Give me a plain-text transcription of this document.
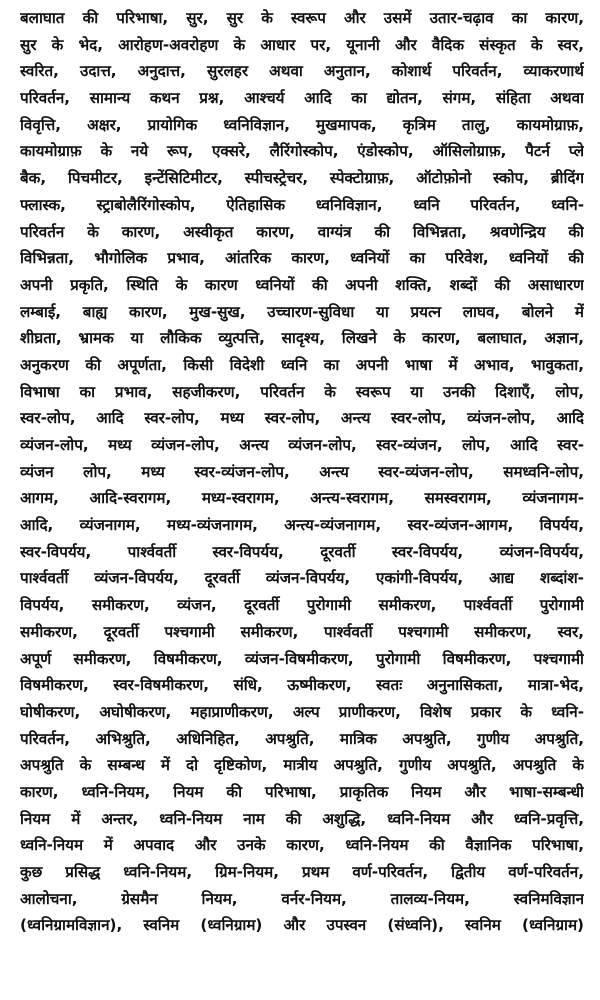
बलाघात की परिभाषा, सुर, सुर के स्वरूप और उसमें उतार-चढ़ाव का कारण,
सुर के भेद, आरोहण-अवरोहण के आधार पर, यूनानी और वैदिक संस्कृत के स्वर,
स्वरित, उदात्त, अनुदात्त, सुरलहर अथवा अनुतान, कोशार्थ परिवर्तन, व्याकरणार्थ
परिवर्तन, सामान्य कथन प्रश्न, आश्चर्य आदि का द्योतन, संगम, संहिता अथवा
विवृत्ति, अक्षर, प्रायोगिक ध्वनिविज्ञान, मुखमापक, कृत्रिम तालु, कायमोग्राफ़,
कायमोग्राफ़ के नये रूप, एक्सरे, लैरिंगोस्कोप, एंडोस्कोप, ऑसिलोग्राफ़, पैटर्न प्ले
बैक, पिचमीटर, इन्टेंसिटिमीटर, स्पीचस्ट्रेचर, स्पेक्टोग्राफ़, ऑटोफ़ोनो स्कोप, ब्रीदिंग
फ्लास्क, स्ट्राबोलैरिंगोस्कोप, ऐतिहासिक ध्वनिविज्ञान, ध्वनि परिवर्तन, ध्वनि-
परिवर्तन के कारण, अस्वीकृत कारण, वाग्यंत्र की विभिन्नता, श्रवणेन्द्रिय की
विभिन्नता, भौगोलिक प्रभाव, आंतरिक कारण, ध्वनियों का परिवेश, ध्वनियों की
अपनी प्रकृति, स्थिति के कारण ध्वनियों की अपनी शक्ति, शब्दों की असाधारण
लम्बाई, बाह्य कारण, मुख-सुख, उच्चारण-सुविधा या प्रयत्न लाघव, बोलने में
शीघ्रता, भ्रामक या लौकिक व्युत्पत्ति, सादृश्य, लिखने के कारण, बलाघात, अज्ञान,
अनुकरण की अपूर्णता, किसी विदेशी ध्वनि का अपनी भाषा में अभाव, भावुकता,
विभाषा का प्रभाव, सहजीकरण, परिवर्तन के स्वरूप या उनकी दिशाएँ, लोप,
स्वर-लोप, आदि स्वर-लोप, मध्य स्वर-लोप, अन्त्य स्वर-लोप, व्यंजन-लोप, आदि
व्यंजन-लोप, मध्य व्यंजन-लोप, अन्त्य व्यंजन-लोप, स्वर-व्यंजन, लोप, आदि स्वर-
व्यंजन लोप, मध्य स्वर-व्यंजन-लोप, अन्त्य स्वर-व्यंजन-लोप, समध्वनि-लोप,
आगम, आदि-स्वरागम, मध्य-स्वरागम, अन्त्य-स्वरागम, समस्वरागम, व्यंजनागम-
आदि, व्यंजनागम, मध्य-व्यंजनागम, अन्त्य-व्यंजनागम, स्वर-व्यंजन-आगम, विपर्यय,
स्वर-विपर्यय, पार्श्ववर्ती स्वर-विपर्यय, दूरवर्ती स्वर-विपर्यय, व्यंजन-विपर्यय,
पार्श्ववर्ती व्यंजन-विपर्यय, दूरवर्ती व्यंजन-विपर्यय, एकांगी-विपर्यय, आद्य शब्दांश-
विपर्यय, समीकरण, व्यंजन, दूरवर्ती पुरोगामी समीकरण, पार्श्ववर्ती पुरोगामी
समीकरण, दूरवर्ती पश्चगामी समीकरण, पार्श्ववर्ती पश्चगामी समीकरण, स्वर,
अपूर्ण समीकरण, विषमीकरण, व्यंजन-विषमीकरण, पुरोगामी विषमीकरण, पश्चगामी
विषमीकरण, स्वर-विषमीकरण, संधि, ऊष्मीकरण, स्वतः अनुनासिकता, मात्रा-भेद,
घोषीकरण, अघोषीकरण, महाप्राणीकरण, अल्प प्राणीकरण, विशेष प्रकार के ध्वनि-
परिवर्तन, अभिश्रुति, अधिनिहित, अपश्रुति, मात्रिक अपश्रुति, गुणीय अपश्रुति,
अपश्रुति के सम्बन्ध में दो दृष्टिकोण, मात्रीय अपश्रुति, गुणीय अपश्रुति, अपश्रुति के
कारण, ध्वनि-नियम, नियम की परिभाषा, प्राकृतिक नियम और भाषा-सम्बन्धी
नियम में अन्तर, ध्वनि-नियम नाम की अशुद्धि, ध्वनि-नियम और ध्वनि-प्रवृत्ति,
ध्वनि-नियम में अपवाद और उनके कारण, ध्वनि-नियम की वैज्ञानिक परिभाषा,
कुछ प्रसिद्ध ध्वनि-नियम, ग्रिम-नियम, प्रथम वर्ण-परिवर्तन, द्वितीय वर्ण-परिवर्तन,
आलोचना, ग्रेसमैन नियम, वर्नर-नियम, तालव्य-नियम, स्वनिमविज्ञान
(ध्वनिग्रामविज्ञान), स्वनिम (ध्वनिग्राम) और उपस्वन (संध्वनि), स्वनिम (ध्वनिग्राम)
